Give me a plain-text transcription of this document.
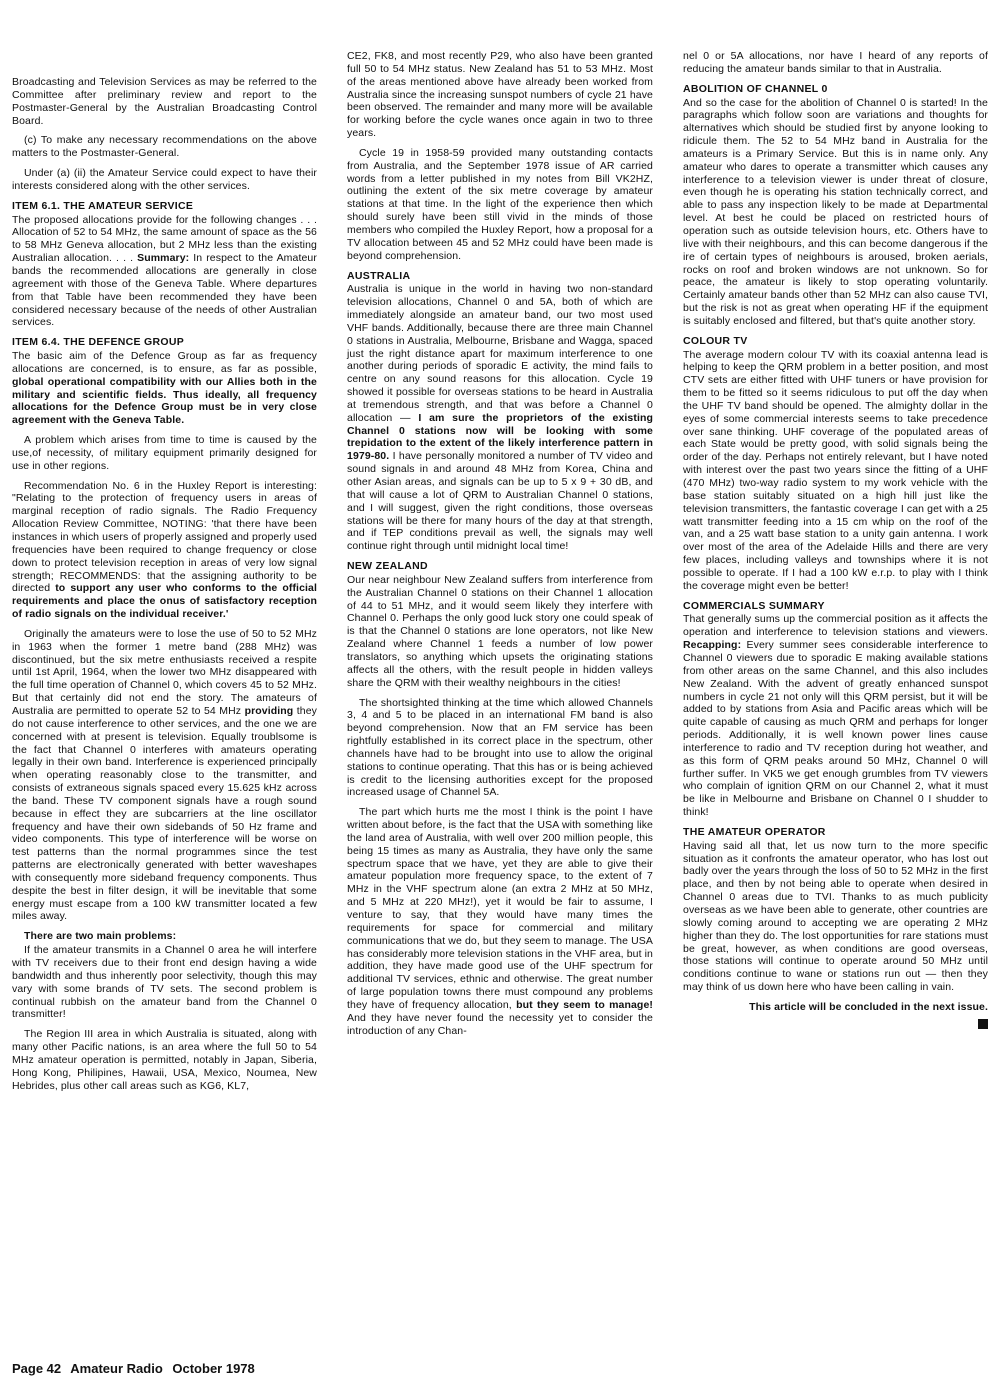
Broadcasting and Television Services as may be referred to the Committee after preliminary review and report to the Postmaster-General by the Australian Broadcasting Control Board.

(c) To make any necessary recommendations on the above matters to the Postmaster-General.

Under (a) (ii) the Amateur Service could expect to have their interests considered along with the other services.

ITEM 6.1. THE AMATEUR SERVICE

The proposed allocations provide for the following changes . . . Allocation of 52 to 54 MHz, the same amount of space as the 56 to 58 MHz Geneva allocation, but 2 MHz less than the existing Australian allocation. . . . Summary: In respect to the Amateur bands the recommended allocations are generally in close agreement with those of the Geneva Table. Where departures from that Table have been recommended they have been considered necessary because of the needs of other Australian services.

ITEM 6.4. THE DEFENCE GROUP

The basic aim of the Defence Group as far as frequency allocations are concerned, is to ensure, as far as possible, global operational compatibility with our Allies both in the military and scientific fields. Thus ideally, all frequency allocations for the Defence Group must be in very close agreement with the Geneva Table.

A problem which arises from time to time is caused by the use,of necessity, of military equipment primarily designed for use in other regions.

Recommendation No. 6 in the Huxley Report is interesting: "Relating to the protection of frequency users in areas of marginal reception of radio signals. The Radio Frequency Allocation Review Committee, NOTING: 'that there have been instances in which users of properly assigned and properly used frequencies have been required to change frequency or close down to protect television reception in areas of very low signal strength; RECOMMENDS: that the assigning authority to be directed to support any user who conforms to the official requirements and place the onus of satisfactory reception of radio signals on the individual receiver.'

Originally the amateurs were to lose the use of 50 to 52 MHz in 1963 when the former 1 metre band (288 MHz) was discontinued, but the six metre enthusiasts received a respite until 1st April, 1964, when the lower two MHz disappeared with the full time operation of Channel 0, which covers 45 to 52 MHz. But that certainly did not end the story. The amateurs of Australia are permitted to operate 52 to 54 MHz providing they do not cause interference to other services, and the one we are concerned with at present is television. Equally troublsome is the fact that Channel 0 interferes with amateurs operating legally in their own band. Interference is experienced principally when operating reasonably close to the transmitter, and consists of extraneous signals spaced every 15.625 kHz across the band. These TV component signals have a rough sound because in effect they are subcarriers at the line oscillator frequency and have their own sidebands of 50 Hz frame and video components. This type of interference will be worse on test patterns than the normal programmes since the test patterns are electronically generated with better waveshapes with consequently more sideband frequency components. Thus despite the best in filter design, it will be inevitable that some energy must escape from a 100 kW transmitter located a few miles away.

There are two main problems:

If the amateur transmits in a Channel 0 area he will interfere with TV receivers due to their front end design having a wide bandwidth and thus inherently poor selectivity, though this may vary with some brands of TV sets. The second problem is continual rubbish on the amateur band from the Channel 0 transmitter!

The Region III area in which Australia is situated, along with many other Pacific nations, is an area where the full 50 to 54 MHz amateur operation is permitted, notably in Japan, Siberia, Hong Kong, Philipines, Hawaii, USA, Mexico, Noumea, New Hebrides, plus other call areas such as KG6, KL7,

CE2, FK8, and most recently P29, who also have been granted full 50 to 54 MHz status. New Zealand has 51 to 53 MHz. Most of the areas mentioned above have already been worked from Australia since the increasing sunspot numbers of cycle 21 have been observed. The remainder and many more will be available for working before the cycle wanes once again in two to three years.

Cycle 19 in 1958-59 provided many outstanding contacts from Australia, and the September 1978 issue of AR carried words from a letter published in my notes from Bill VK2HZ, outlining the extent of the six metre coverage by amateur stations at that time. In the light of the experience then which should surely have been still vivid in the minds of those members who compiled the Huxley Report, how a proposal for a TV allocation between 45 and 52 MHz could have been made is beyond comprehension.

AUSTRALIA

Australia is unique in the world in having two non-standard television allocations, Channel 0 and 5A, both of which are immediately alongside an amateur band, our two most used VHF bands. Additionally, because there are three main Channel 0 stations in Australia, Melbourne, Brisbane and Wagga, spaced just the right distance apart for maximum interference to one another during periods of sporadic E activity, the mind fails to centre on any sound reasons for this allocation. Cycle 19 showed it possible for overseas stations to be heard in Australia at tremendous strength, and that was before a Channel 0 allocation — I am sure the proprietors of the existing Channel 0 stations now will be looking with some trepidation to the extent of the likely interference pattern in 1979-80. I have personally monitored a number of TV video and sound signals in and around 48 MHz from Korea, China and other Asian areas, and signals can be up to 5 x 9 + 30 dB, and that will cause a lot of QRM to Australian Channel 0 stations, and I will suggest, given the right conditions, those overseas stations will be there for many hours of the day at that strength, and if TEP conditions prevail as well, the signals may well continue right through until midnight local time!

NEW ZEALAND

Our near neighbour New Zealand suffers from interference from the Australian Channel 0 stations on their Channel 1 allocation of 44 to 51 MHz, and it would seem likely they interfere with Channel 0. Perhaps the only good luck story one could speak of is that the Channel 0 stations are lone operators, not like New Zealand where Channel 1 feeds a number of low power translators, so anything which upsets the originating stations affects all the others, with the result people in hidden valleys share the QRM with their wealthy neighbours in the cities!

The shortsighted thinking at the time which allowed Channels 3, 4 and 5 to be placed in an international FM band is also beyond comprehension. Now that an FM service has been rightfully established in its correct place in the spectrum, other channels have had to be brought into use to allow the original stations to continue operating. That this has or is being achieved is credit to the licensing authorities except for the proposed increased usage of Channel 5A.

The part which hurts me the most I think is the point I have written about before, is the fact that the USA with something like the land area of Australia, with well over 200 million people, this being 15 times as many as Australia, they have only the same spectrum space that we have, yet they are able to give their amateur population more frequency space, to the extent of 7 MHz in the VHF spectrum alone (an extra 2 MHz at 50 MHz, and 5 MHz at 220 MHz!), yet it would be fair to assume, I venture to say, that they would have many times the requirements for space for commercial and military communications that we do, but they seem to manage. The USA has considerably more television stations in the VHF area, but in addition, they have made good use of the UHF spectrum for additional TV services, ethnic and otherwise. The great number of large population towns there must compound any problems they have of frequency allocation, but they seem to manage! And they have never found the necessity yet to consider the introduction of any Chan-

nel 0 or 5A allocations, nor have I heard of any reports of reducing the amateur bands similar to that in Australia.

ABOLITION OF CHANNEL 0

And so the case for the abolition of Channel 0 is started! In the paragraphs which follow soon are variations and thoughts for alternatives which should be studied first by anyone looking to ridicule them. The 52 to 54 MHz band in Australia for the amateurs is a Primary Service. But this is in name only. Any amateur who dares to operate a transmitter which causes any interference to a television viewer is under threat of closure, even though he is operating his station technically correct, and able to pass any inspection likely to be made at Departmental level. At best he could be placed on restricted hours of operation such as outside television hours, etc. Others have to live with their neighbours, and this can become dangerous if the ire of certain types of neighbours is aroused, broken aerials, rocks on roof and broken windows are not unknown. So for peace, the amateur is likely to stop operating voluntarily. Certainly amateur bands other than 52 MHz can also cause TVI, but the risk is not as great when operating HF if the equipment is suitably enclosed and filtered, but that's quite another story.

COLOUR TV

The average modern colour TV with its coaxial antenna lead is helping to keep the QRM problem in a better position, and most CTV sets are either fitted with UHF tuners or have provision for them to be fitted so it seems ridiculous to put off the day when the UHF TV band should be opened. The almighty dollar in the eyes of some commercial interests seems to take precedence over sane thinking. UHF coverage of the populated areas of each State would be pretty good, with solid signals being the order of the day. Perhaps not entirely relevant, but I have noted with interest over the past two years since the fitting of a UHF (470 MHz) two-way radio system to my work vehicle with the base station suitably situated on a high hill just like the television transmitters, the fantastic coverage I can get with a 25 watt transmitter feeding into a 15 cm whip on the roof of the van, and a 25 watt base station to a unity gain antenna. I work over most of the area of the Adelaide Hills and there are very few places, including valleys and townships where it is not possible to operate. If I had a 100 kW e.r.p. to play with I think the coverage might even be better!

COMMERCIALS SUMMARY

That generally sums up the commercial position as it affects the operation and interference to television stations and viewers. Recapping: Every summer sees considerable interference to Channel 0 viewers due to sporadic E making available stations from other areas on the same Channel, and this also includes New Zealand. With the advent of greatly enhanced sunspot numbers in cycle 21 not only will this QRM persist, but it will be added to by stations from Asia and Pacific areas which will be quite capable of causing as much QRM and perhaps for longer periods. Additionally, it is well known power lines cause interference to radio and TV reception during hot weather, and as this form of QRM peaks around 50 MHz, Channel 0 will further suffer. In VK5 we get enough grumbles from TV viewers who complain of ignition QRM on our Channel 2, what it must be like in Melbourne and Brisbane on Channel 0 I shudder to think!

THE AMATEUR OPERATOR

Having said all that, let us now turn to the more specific situation as it confronts the amateur operator, who has lost out badly over the years through the loss of 50 to 52 MHz in the first place, and then by not being able to operate when desired in Channel 0 areas due to TVI. Thanks to as much publicity overseas as we have been able to generate, other countries are slowly coming around to accepting we are operating 2 MHz higher than they do. The lost opportunities for rare stations must be great, however, as when conditions are good overseas, those stations will continue to operate around 50 MHz until conditions continue to wane or stations run out — then they may think of us down here who have been calling in vain.

This article will be concluded in the next issue.
Page 42 Amateur Radio October 1978
